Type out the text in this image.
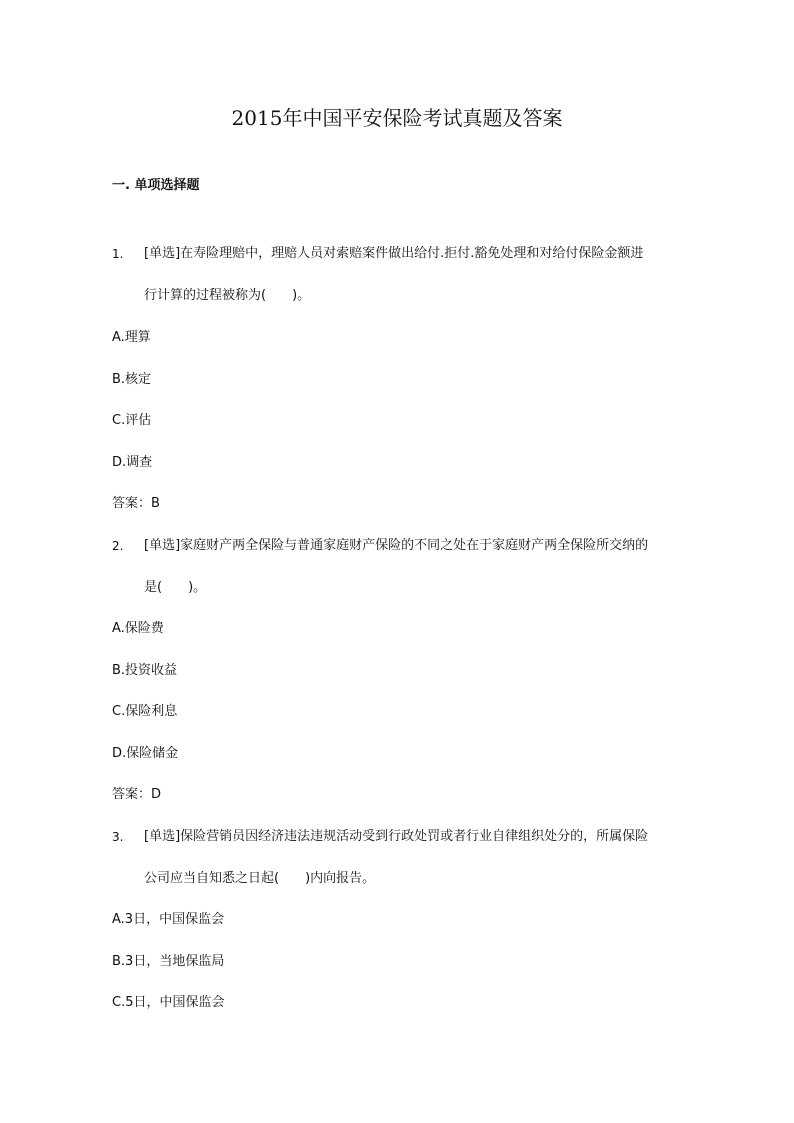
2015年中国平安保险考试真题及答案
一. 单项选择题
1. [单选]在寿险理赔中，理赔人员对索赔案件做出给付.拒付.豁免处理和对给付保险金额进
行计算的过程被称为(　　)。
A.理算
B.核定
C.评估
D.调查
答案：B
2. [单选]家庭财产两全保险与普通家庭财产保险的不同之处在于家庭财产两全保险所交纳的
是(　　)。
A.保险费
B.投资收益
C.保险利息
D.保险储金
答案：D
3. [单选]保险营销员因经济违法违规活动受到行政处罚或者行业自律组织处分的，所属保险
公司应当自知悉之日起(　　)内向报告。
A.3日，中国保监会
B.3日，当地保监局
C.5日，中国保监会
